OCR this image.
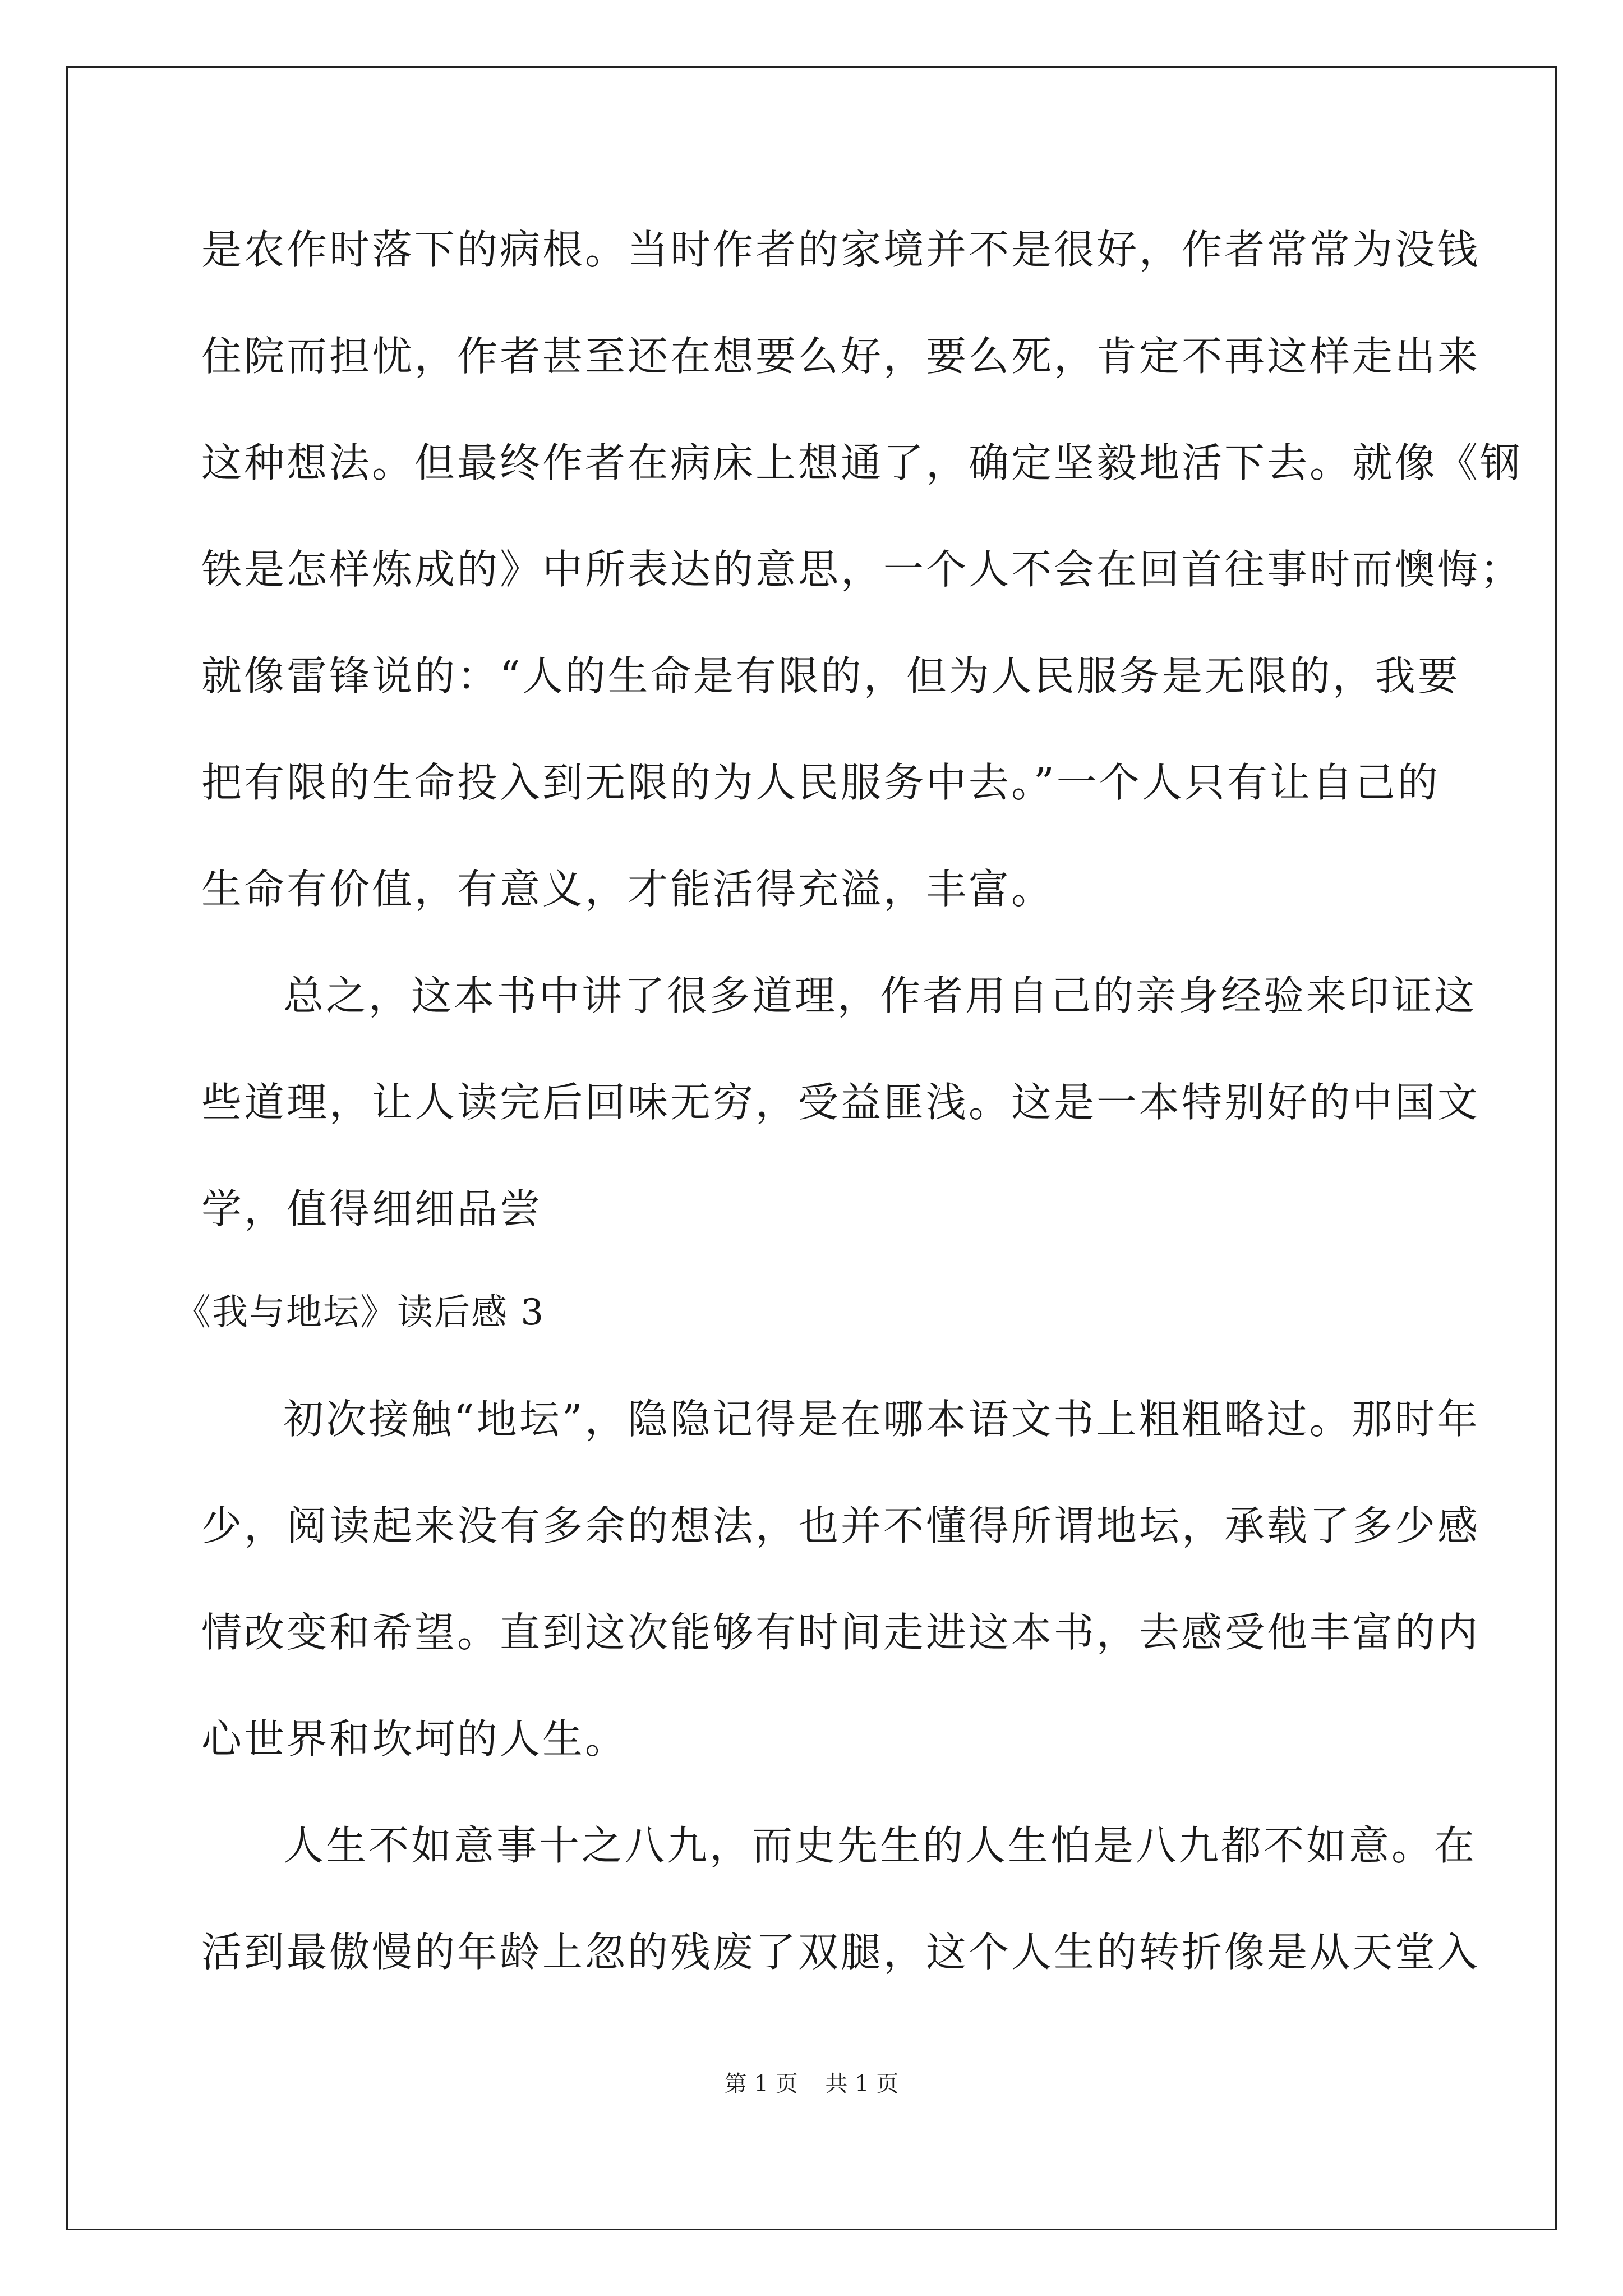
是农作时落下的病根。当时作者的家境并不是很好，作者常常为没钱
住院而担忧，作者甚至还在想要么好，要么死，肯定不再这样走出来
这种想法。但最终作者在病床上想通了，确定坚毅地活下去。就像《钢
铁是怎样炼成的》中所表达的意思，一个人不会在回首往事时而懊悔；
就像雷锋说的：“人的生命是有限的，但为人民服务是无限的，我要
把有限的生命投入到无限的为人民服务中去。”一个人只有让自己的
生命有价值，有意义，才能活得充溢，丰富。
总之，这本书中讲了很多道理，作者用自己的亲身经验来印证这
些道理，让人读完后回味无穷，受益匪浅。这是一本特别好的中国文
学，值得细细品尝
《我与地坛》读后感 3
初次接触“地坛”，隐隐记得是在哪本语文书上粗粗略过。那时年
少，阅读起来没有多余的想法，也并不懂得所谓地坛，承载了多少感
情改变和希望。直到这次能够有时间走进这本书，去感受他丰富的内
心世界和坎坷的人生。
人生不如意事十之八九，而史先生的人生怕是八九都不如意。在
活到最傲慢的年龄上忽的残废了双腿，这个人生的转折像是从天堂入
第 1 页 共 1 页
